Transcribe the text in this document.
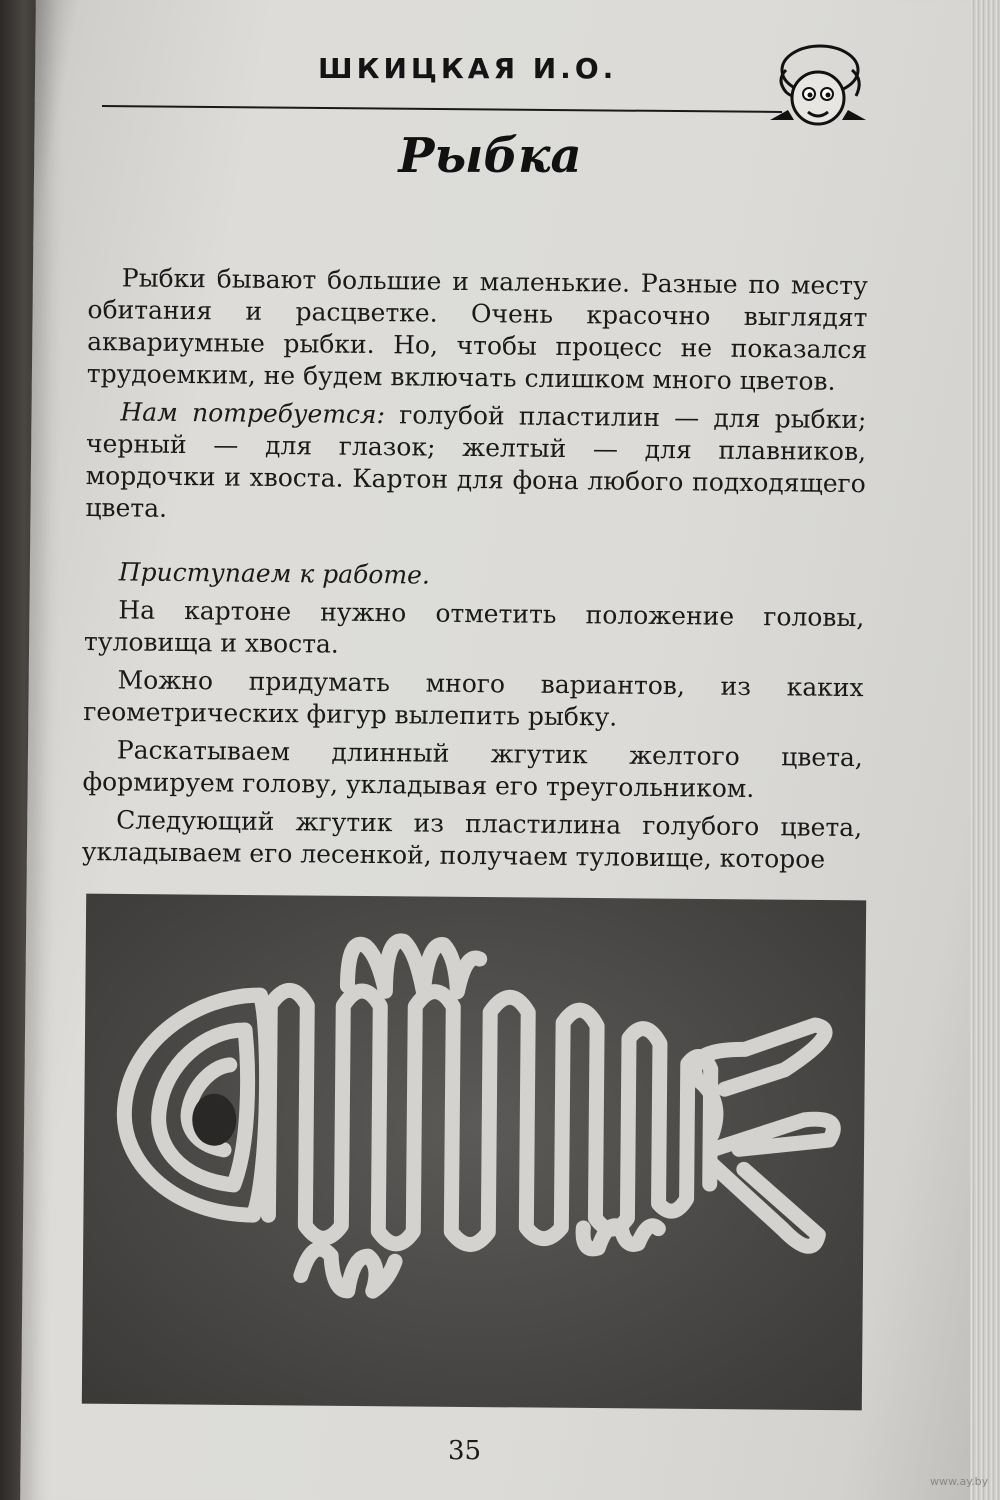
ШКИЦКАЯ И.О.
Рыбка

Рыбки бывают большие и маленькие. Разные по месту обитания и расцветке. Очень красочно выглядят аквариумные рыбки. Но, чтобы процесс не показался трудоемким, не будем включать слишком много цветов.

Нам потребуется: голубой пластилин — для рыбки; черный — для глазок; желтый — для плавников, мордочки и хвоста. Картон для фона любого подходящего цвета.

Приступаем к работе.

На картоне нужно отметить положение головы, туловища и хвоста.

Можно придумать много вариантов, из каких геометрических фигур вылепить рыбку.

Раскатываем длинный жгутик желтого цвета, формируем голову, укладывая его треугольником.

Следующий жгутик из пластилина голубого цвета, укладываем его лесенкой, получаем туловище, которое

35
www.ay.by
